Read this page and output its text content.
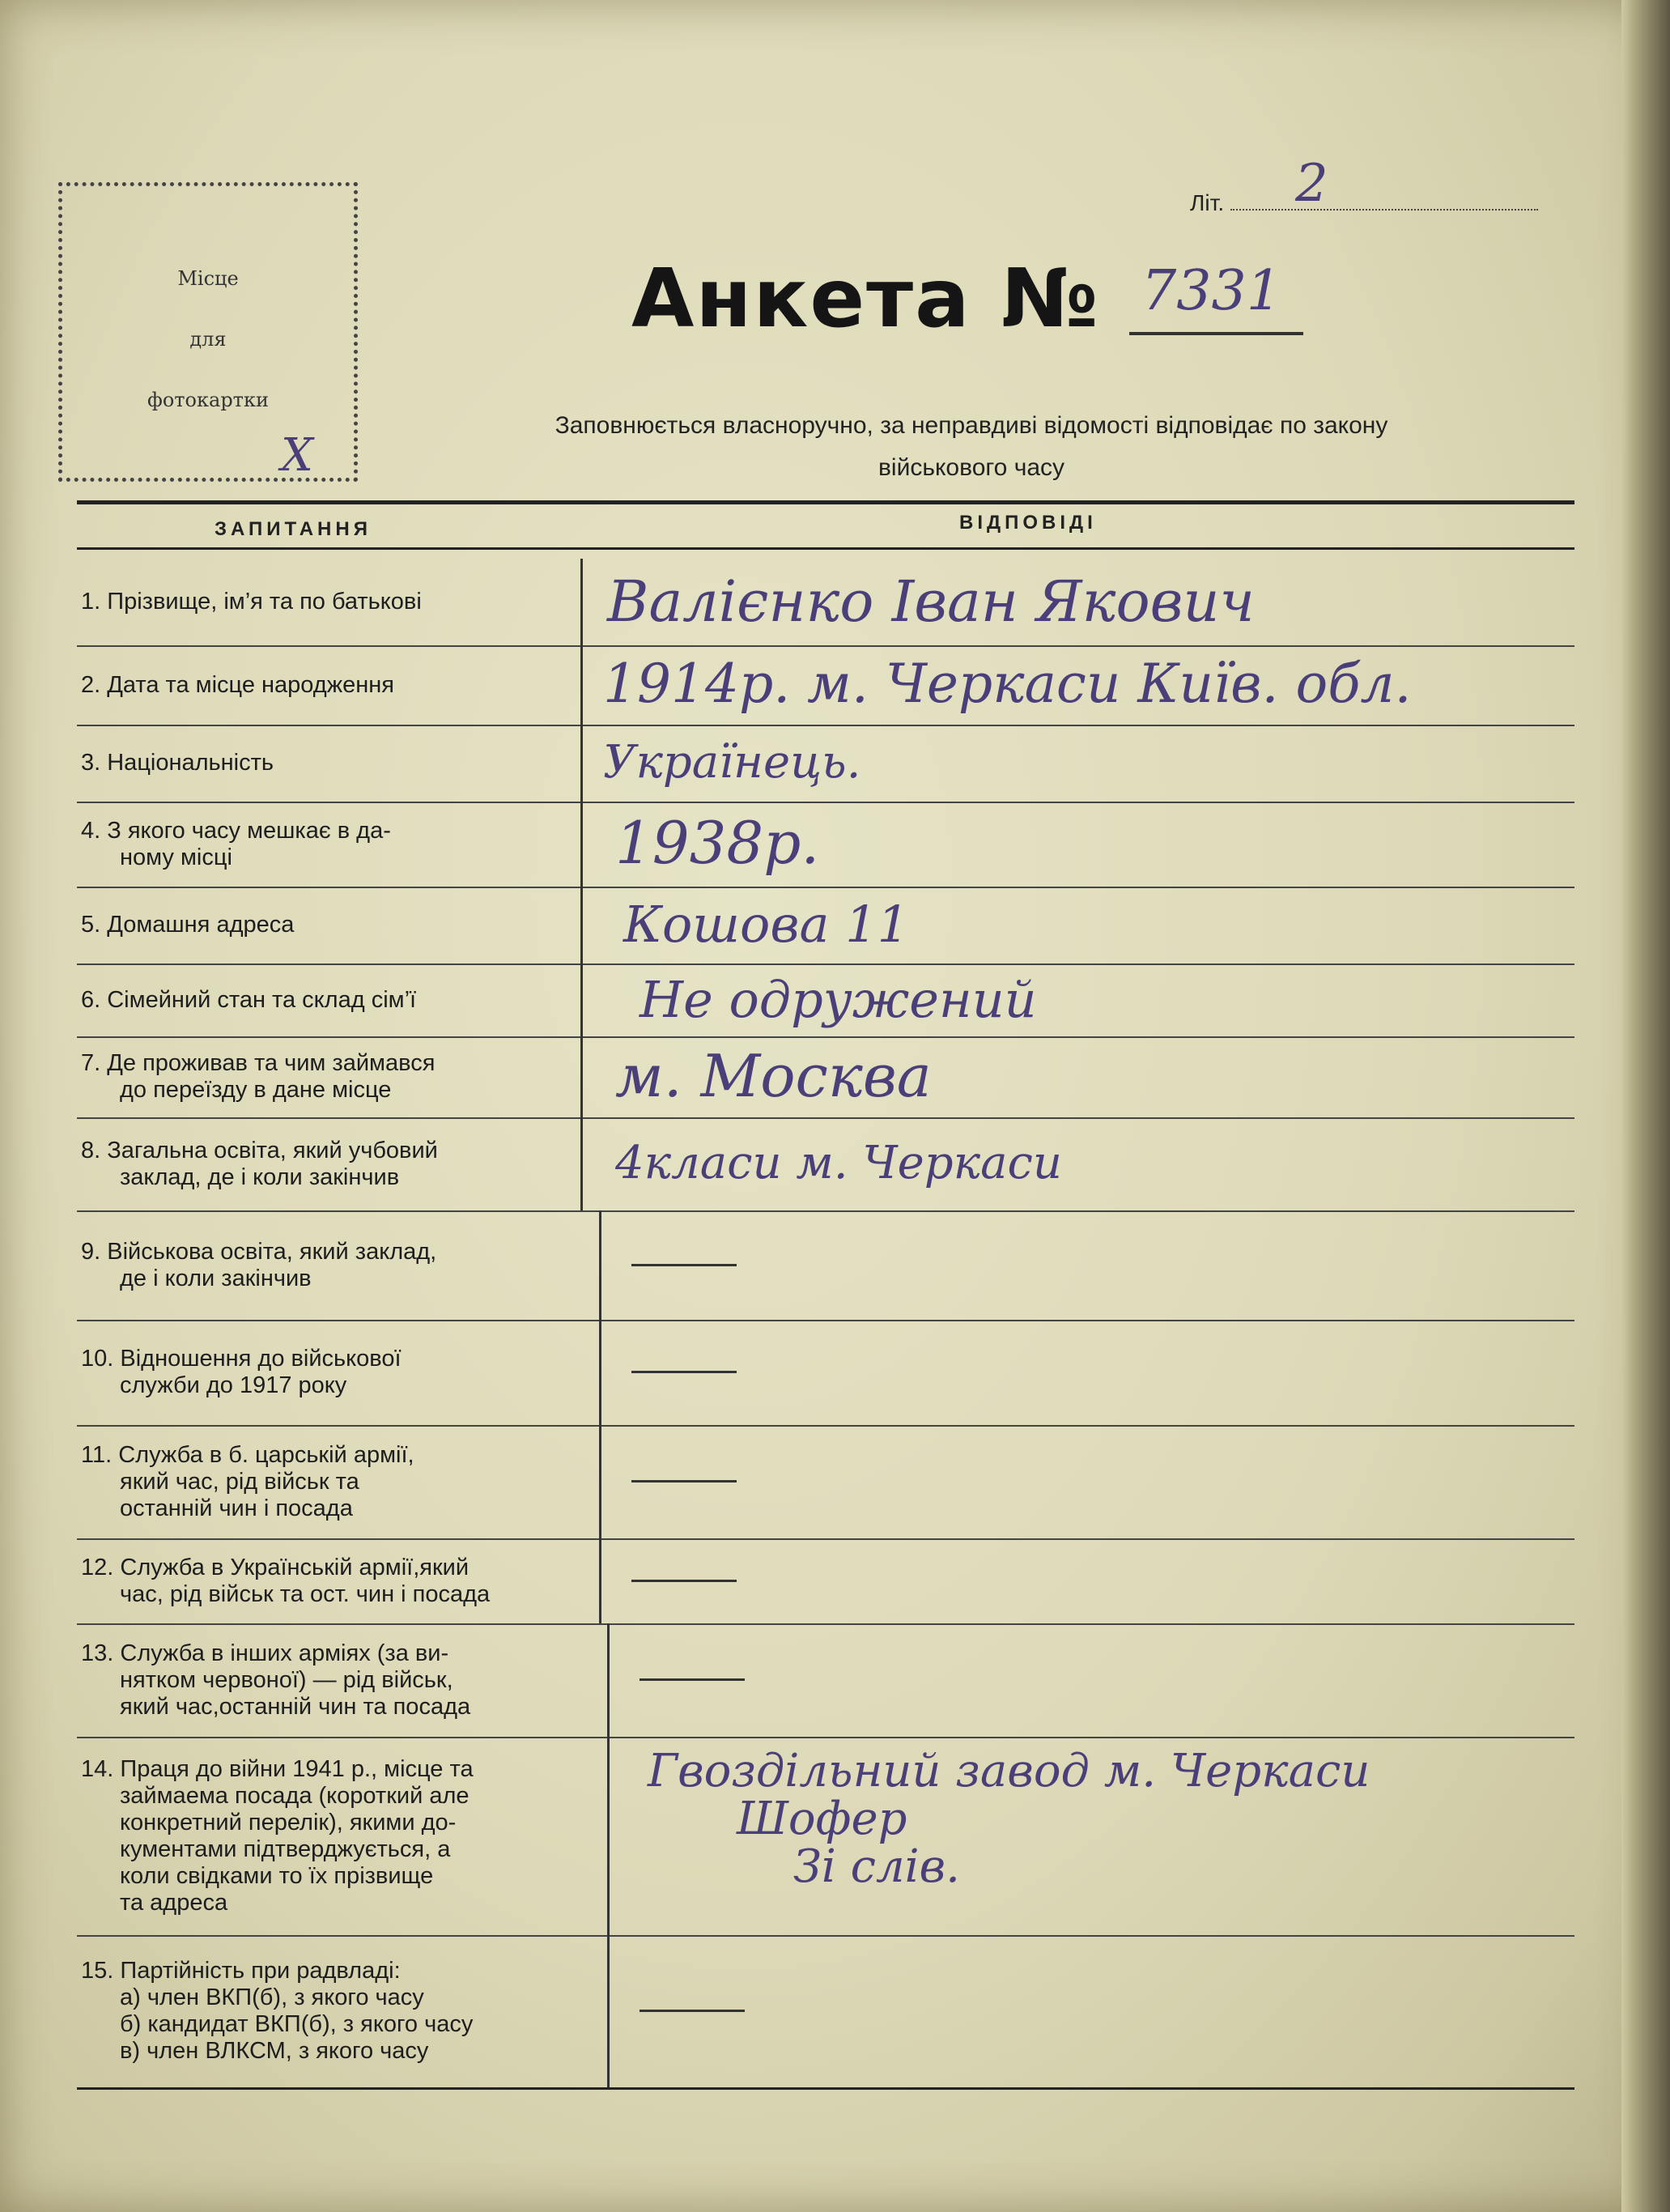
Місце
для
фотокартки
Х
Літ. 2
Анкета № 7331
Заповнюється власноручно, за неправдиві відомості відповідає по закону
військового часу
ЗАПИТАННЯ	ВІДПОВІДІ
1. Прізвище, ім’я та по батькові	Валієнко Іван Якович
2. Дата та місце народження	1914р. м. Черкаси Київ. обл.
3. Національність	Українець.
4. З якого часу мешкає в да-
ному місці	1938р.
5. Домашня адреса	Кошова 11
6. Сімейний стан та склад сім’ї	Не одружений
7. Де проживав та чим займався
до переїзду в дане місце	м. Москва
8. Загальна освіта, який учбовий
заклад, де і коли закінчив	4класи м. Черкаси
9. Військова освіта, який заклад,
де і коли закінчив
10. Відношення до військової
служби до 1917 року
11. Служба в б. царській армії,
який час, рід військ та
останній чин і посада
12. Служба в Українській армії,який
час, рід військ та ост. чин і посада
13. Служба в інших арміях (за ви-
нятком червоної) — рід військ,
який час,останній чин та посада
14. Праця до війни 1941 р., місце та
займаема посада (короткий але
конкретний перелік), якими до-
кументами підтверджується, а
коли свідками то їх прізвище
та адреса
Гвоздільний завод м. Черкаси
Шофер
Зі слів.
15. Партійність при радвладі:
а) член ВКП(б), з якого часу
б) кандидат ВКП(б), з якого часу
в) член ВЛКСМ, з якого часу
